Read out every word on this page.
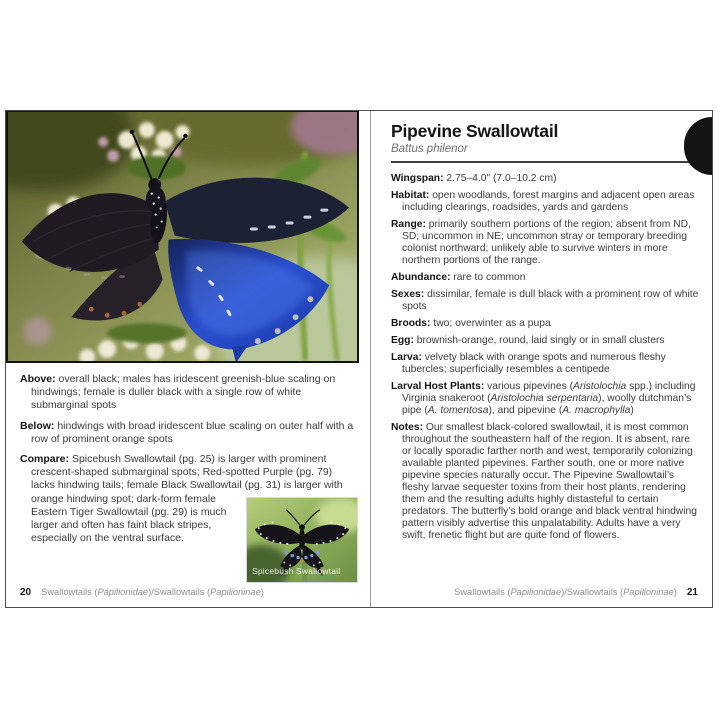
Above: overall black; males has iridescent greenish-blue scaling on hindwings; female is duller black with a single row of white submarginal spots

Below: hindwings with broad iridescent blue scaling on outer half with a row of prominent orange spots

Spicebush Swallowtail
Compare: Spicebush Swallowtail (pg. 25) is larger with prominent crescent-shaped submarginal spots; Red-spotted Purple (pg. 79) lacks hindwing tails; female Black Swallowtail (pg. 31) is larger with orange hindwing spot; dark-form female Eastern Tiger Swallowtail (pg. 29) is much larger and often has faint black stripes, especially on the ventral surface.

20 Swallowtails (Papilionidae)/Swallowtails (Papilioninae)
Pipevine Swallowtail
Battus philenor

Wingspan: 2.75–4.0" (7.0–10.2 cm)

Habitat: open woodlands, forest margins and adjacent open areas including clearings, roadsides, yards and gardens

Range: primarily southern portions of the region; absent from ND, SD; uncommon in NE; uncommon stray or temporary breeding colonist northward; unlikely able to survive winters in more northern portions of the range.

Abundance: rare to common

Sexes: dissimilar, female is dull black with a prominent row of white spots

Broods: two; overwinter as a pupa

Egg: brownish-orange, round, laid singly or in small clusters

Larva: velvety black with orange spots and numerous fleshy tubercles; superficially resembles a centipede

Larval Host Plants: various pipevines (Aristolochia spp.) including Virginia snakeroot (Aristolochia serpentaria), woolly dutchman’s pipe (A. tomentosa), and pipevine (A. macrophylla)

Notes: Our smallest black-colored swallowtail, it is most common throughout the southeastern half of the region. It is absent, rare or locally sporadic farther north and west, temporarily colonizing available planted pipevines. Farther south, one or more native pipevine species naturally occur. The Pipevine Swallowtail’s fleshy larvae sequester toxins from their host plants, rendering them and the resulting adults highly distasteful to certain predators. The butterfly’s bold orange and black ventral hindwing pattern visibly advertise this unpalatability. Adults have a very swift, frenetic flight but are quite fond of flowers.

Swallowtails (Papilionidae)/Swallowtails (Papilioninae) 21
